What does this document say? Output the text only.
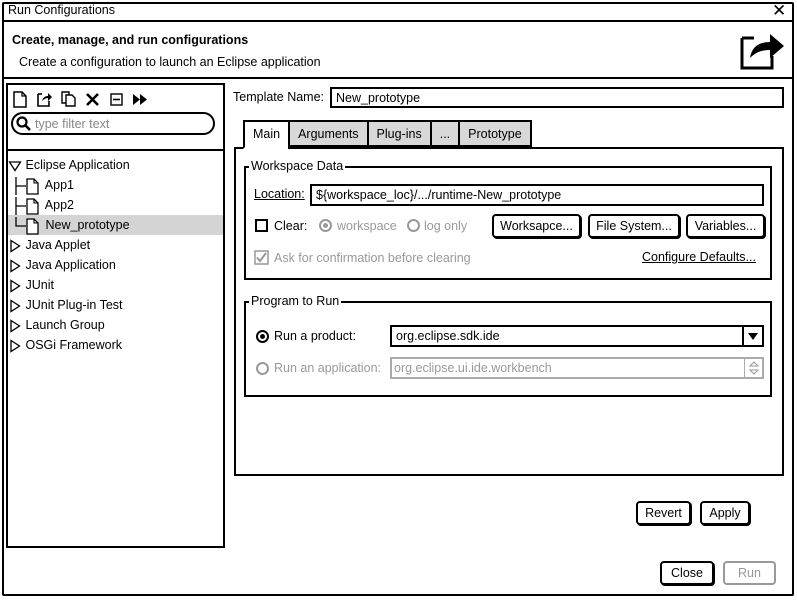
Run Configurations	✕
Create, manage, and run configurations
Create a configuration to launch an Eclipse application
type filter text
Eclipse Application
App1
App2
New_prototype
Java Applet
Java Application
JUnit
JUnit Plug-in Test
Launch Group
OSGi Framework
Template Name:
New_prototype
Main	Arguments	Plug-ins	...	Prototype
Workspace Data
Location: ${workspace_loc}/.../runtime-New_prototype
Clear: workspace log only	Worksapce...	File System...	Variables...
Ask for confirmation before clearing	Configure Defaults...
Program to Run
Run a product:	org.eclipse.sdk.ide
Run an application: org.eclipse.ui.ide.workbench
Revert	Apply
Close	Run
